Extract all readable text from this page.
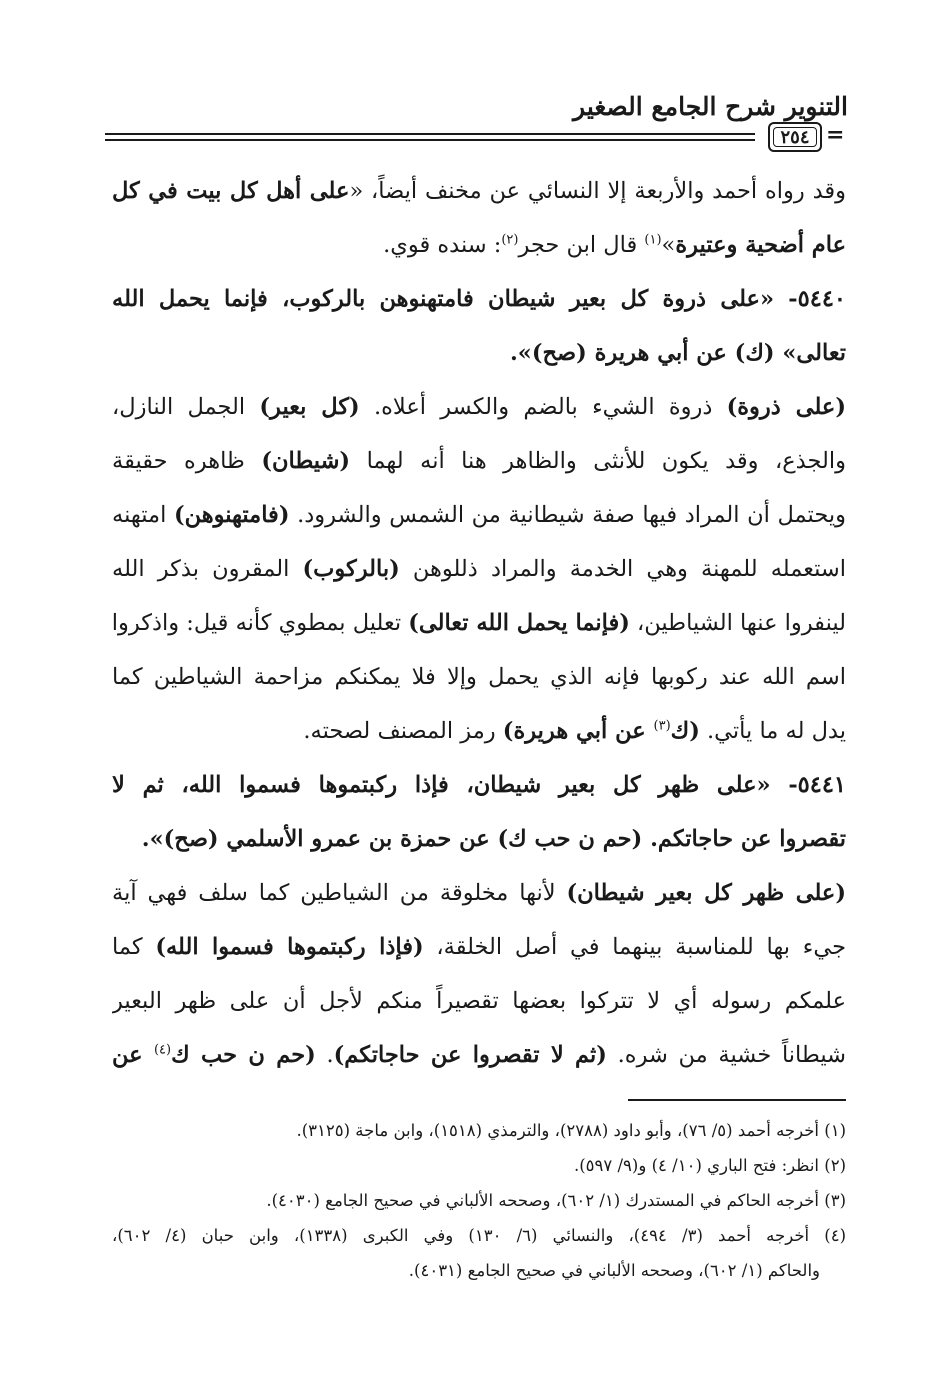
التنوير شرح الجامع الصغير
٢٥٤ =
وقد رواه أحمد والأربعة إلا النسائي عن مخنف أيضاً، «على أهل كل بيت في كل
عام أضحية وعتيرة»$^{(١)}$ قال ابن حجر$^{(٢)}$: سنده قوي.
٥٤٤٠- «على ذروة كل بعير شيطان فامتهنوهن بالركوب، فإنما يحمل الله
تعالى» (ك) عن أبي هريرة (صح)».
(على ذروة) ذروة الشيء بالضم والكسر أعلاه. (كل بعير) الجمل النازل،
والجذع، وقد يكون للأنثى والظاهر هنا أنه لهما (شيطان) ظاهره حقيقة
ويحتمل أن المراد فيها صفة شيطانية من الشمس والشرود. (فامتهنوهن) امتهنه
استعمله للمهنة وهي الخدمة والمراد ذللوهن (بالركوب) المقرون بذكر الله
لينفروا عنها الشياطين، (فإنما يحمل الله تعالى) تعليل بمطوي كأنه قيل: واذكروا
اسم الله عند ركوبها فإنه الذي يحمل وإلا فلا يمكنكم مزاحمة الشياطين كما
يدل له ما يأتي. (ك$^{(٣)}$ عن أبي هريرة) رمز المصنف لصحته.
٥٤٤١- «على ظهر كل بعير شيطان، فإذا ركبتموها فسموا الله، ثم لا
تقصروا عن حاجاتكم. (حم ن حب ك) عن حمزة بن عمرو الأسلمي (صح)».
(على ظهر كل بعير شيطان) لأنها مخلوقة من الشياطين كما سلف فهي آية
جيء بها للمناسبة بينهما في أصل الخلقة، (فإذا ركبتموها فسموا الله) كما
علمكم رسوله أي لا تتركوا بعضها تقصيراً منكم لأجل أن على ظهر البعير
شيطاناً خشية من شره. (ثم لا تقصروا عن حاجاتكم). (حم ن حب ك$^{(٤)}$ عن
(١) أخرجه أحمد (٥/ ٧٦)، وأبو داود (٢٧٨٨)، والترمذي (١٥١٨)، وابن ماجة (٣١٢٥).
(٢) انظر: فتح الباري (١٠/ ٤) و(٩/ ٥٩٧).
(٣) أخرجه الحاكم في المستدرك (١/ ٦٠٢)، وصححه الألباني في صحيح الجامع (٤٠٣٠).
(٤) أخرجه أحمد (٣/ ٤٩٤)، والنسائي (٦/ ١٣٠) وفي الكبرى (١٣٣٨)، وابن حبان (٤/ ٦٠٢)،
والحاكم (١/ ٦٠٢)، وصححه الألباني في صحيح الجامع (٤٠٣١).
